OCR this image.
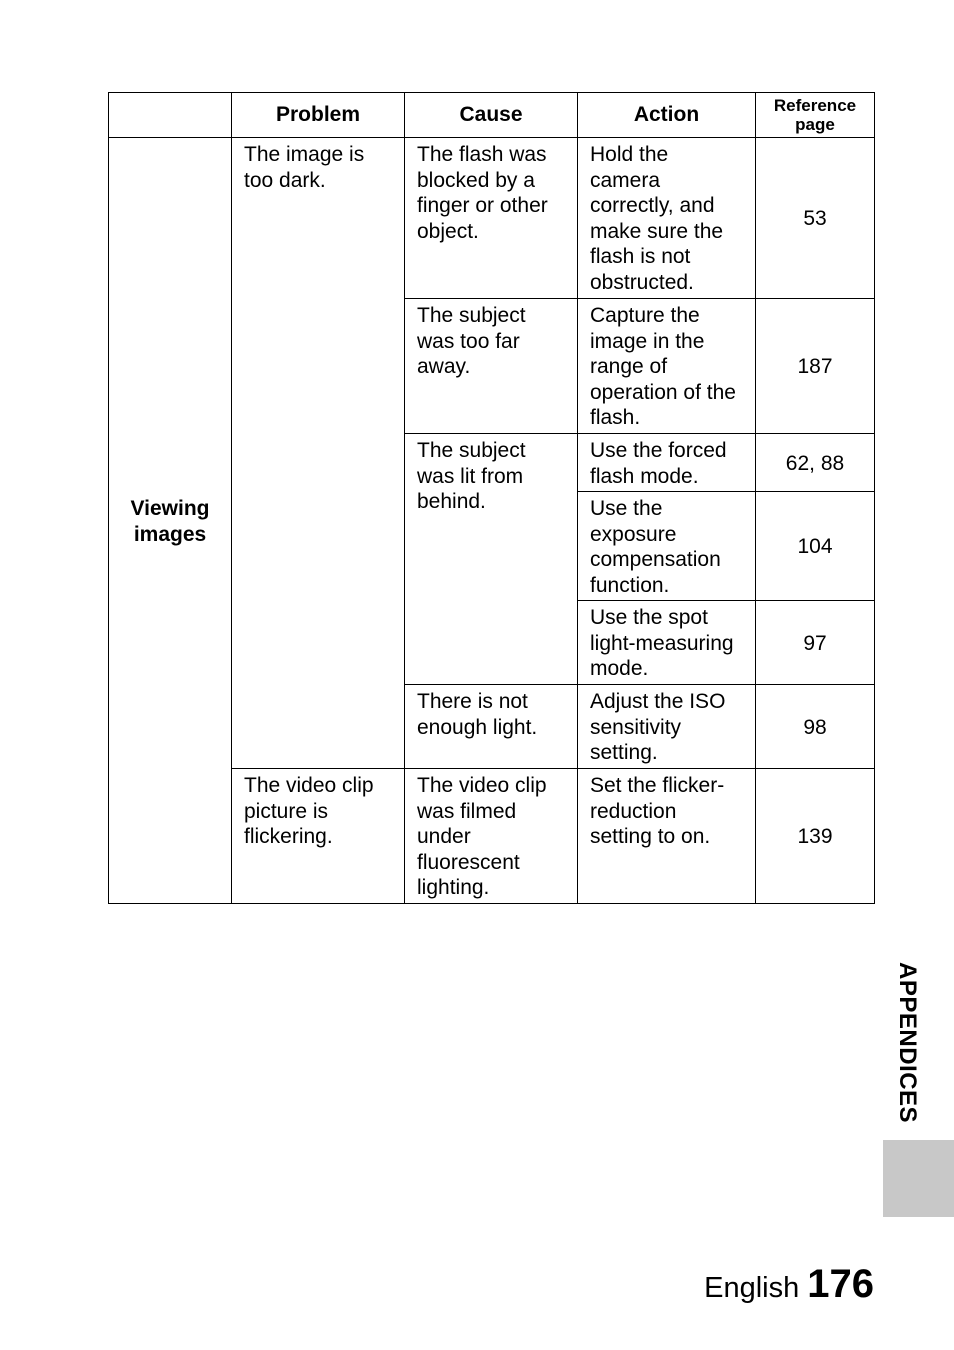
	Problem	Cause	Action	Reference page
Viewing images	The image is too dark.	The flash was blocked by a finger or other object.	Hold the camera correctly, and make sure the flash is not obstructed.	53
		The subject was too far away.	Capture the image in the range of operation of the flash.	187
		The subject was lit from behind.	Use the forced flash mode.	62, 88
			Use the exposure compensation function.	104
			Use the spot light-measuring mode.	97
		There is not enough light.	Adjust the ISO sensitivity setting.	98
	The video clip picture is flickering.	The video clip was filmed under fluorescent lighting.	Set the flicker-reduction setting to on.	139
APPENDICES
English 176
